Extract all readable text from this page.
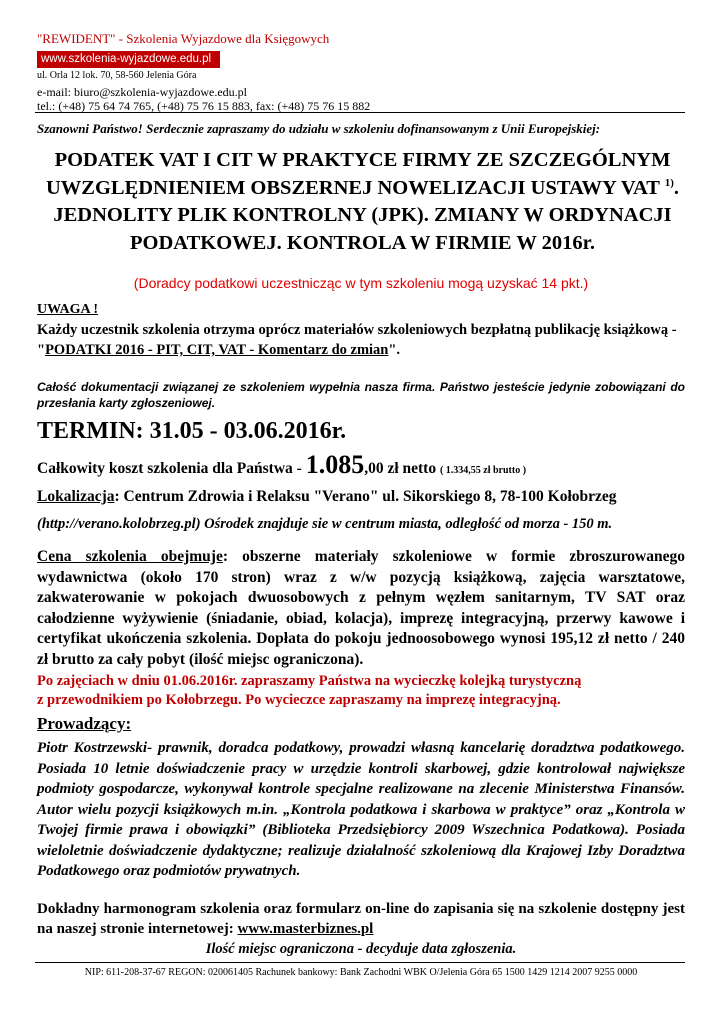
"REWIDENT" - Szkolenia Wyjazdowe dla Księgowych
www.szkolenia-wyjazdowe.edu.pl
ul. Orla 12 lok. 70, 58-560 Jelenia Góra
e-mail: biuro@szkolenia-wyjazdowe.edu.pl
tel.: (+48) 75 64 74 765, (+48) 75 76 15 883, fax: (+48) 75 76 15 882
Szanowni Państwo! Serdecznie zapraszamy do udziału w szkoleniu dofinansowanym z Unii Europejskiej:
PODATEK VAT I CIT W PRAKTYCE FIRMY ZE SZCZEGÓLNYM UWZGLĘDNIENIEM OBSZERNEJ NOWELIZACJI USTAWY VAT $^{1)}$. JEDNOLITY PLIK KONTROLNY (JPK). ZMIANY W ORDYNACJI PODATKOWEJ. KONTROLA W FIRMIE W 2016r.
(Doradcy podatkowi uczestnicząc w tym szkoleniu mogą uzyskać 14 pkt.)
UWAGA !
Każdy uczestnik szkolenia otrzyma oprócz materiałów szkoleniowych bezpłatną publikację książkową - "PODATKI 2016 - PIT, CIT, VAT - Komentarz do zmian".
Całość dokumentacji związanej ze szkoleniem wypełnia nasza firma. Państwo jesteście jedynie zobowiązani do przesłania karty zgłoszeniowej.
TERMIN: 31.05 - 03.06.2016r.
Całkowity koszt szkolenia dla Państwa - 1.085,00 zł netto ( 1.334,55 zł brutto )
Lokalizacja: Centrum Zdrowia i Relaksu "Verano" ul. Sikorskiego 8, 78-100 Kołobrzeg
(http://verano.kolobrzeg.pl) Ośrodek znajduje sie w centrum miasta, odległość od morza - 150 m.
Cena szkolenia obejmuje: obszerne materiały szkoleniowe w formie zbroszurowanego wydawnictwa (około 170 stron) wraz z w/w pozycją książkową, zajęcia warsztatowe, zakwaterowanie w pokojach dwuosobowych z pełnym węzłem sanitarnym, TV SAT oraz całodzienne wyżywienie (śniadanie, obiad, kolacja), imprezę integracyjną, przerwy kawowe i certyfikat ukończenia szkolenia. Dopłata do pokoju jednoosobowego wynosi 195,12 zł netto / 240 zł brutto za cały pobyt (ilość miejsc ograniczona).
Po zajęciach w dniu 01.06.2016r. zapraszamy Państwa na wycieczkę kolejką turystyczną
z przewodnikiem po Kołobrzegu. Po wycieczce zapraszamy na imprezę integracyjną.
Prowadzący:
Piotr Kostrzewski- prawnik, doradca podatkowy, prowadzi własną kancelarię doradztwa podatkowego. Posiada 10 letnie doświadczenie pracy w urzędzie kontroli skarbowej, gdzie kontrolował największe podmioty gospodarcze, wykonywał kontrole specjalne realizowane na zlecenie Ministerstwa Finansów. Autor wielu pozycji książkowych m.in. „Kontrola podatkowa i skarbowa w praktyce” oraz „Kontrola w Twojej firmie prawa i obowiązki” (Biblioteka Przedsiębiorcy 2009 Wszechnica Podatkowa). Posiada wieloletnie doświadczenie dydaktyczne; realizuje działalność szkoleniową dla Krajowej Izby Doradztwa Podatkowego oraz podmiotów prywatnych.
Dokładny harmonogram szkolenia oraz formularz on-line do zapisania się na szkolenie dostępny jest na naszej stronie internetowej: www.masterbiznes.pl
Ilość miejsc ograniczona - decyduje data zgłoszenia.
NIP: 611-208-37-67 REGON: 020061405 Rachunek bankowy: Bank Zachodni WBK O/Jelenia Góra 65 1500 1429 1214 2007 9255 0000
